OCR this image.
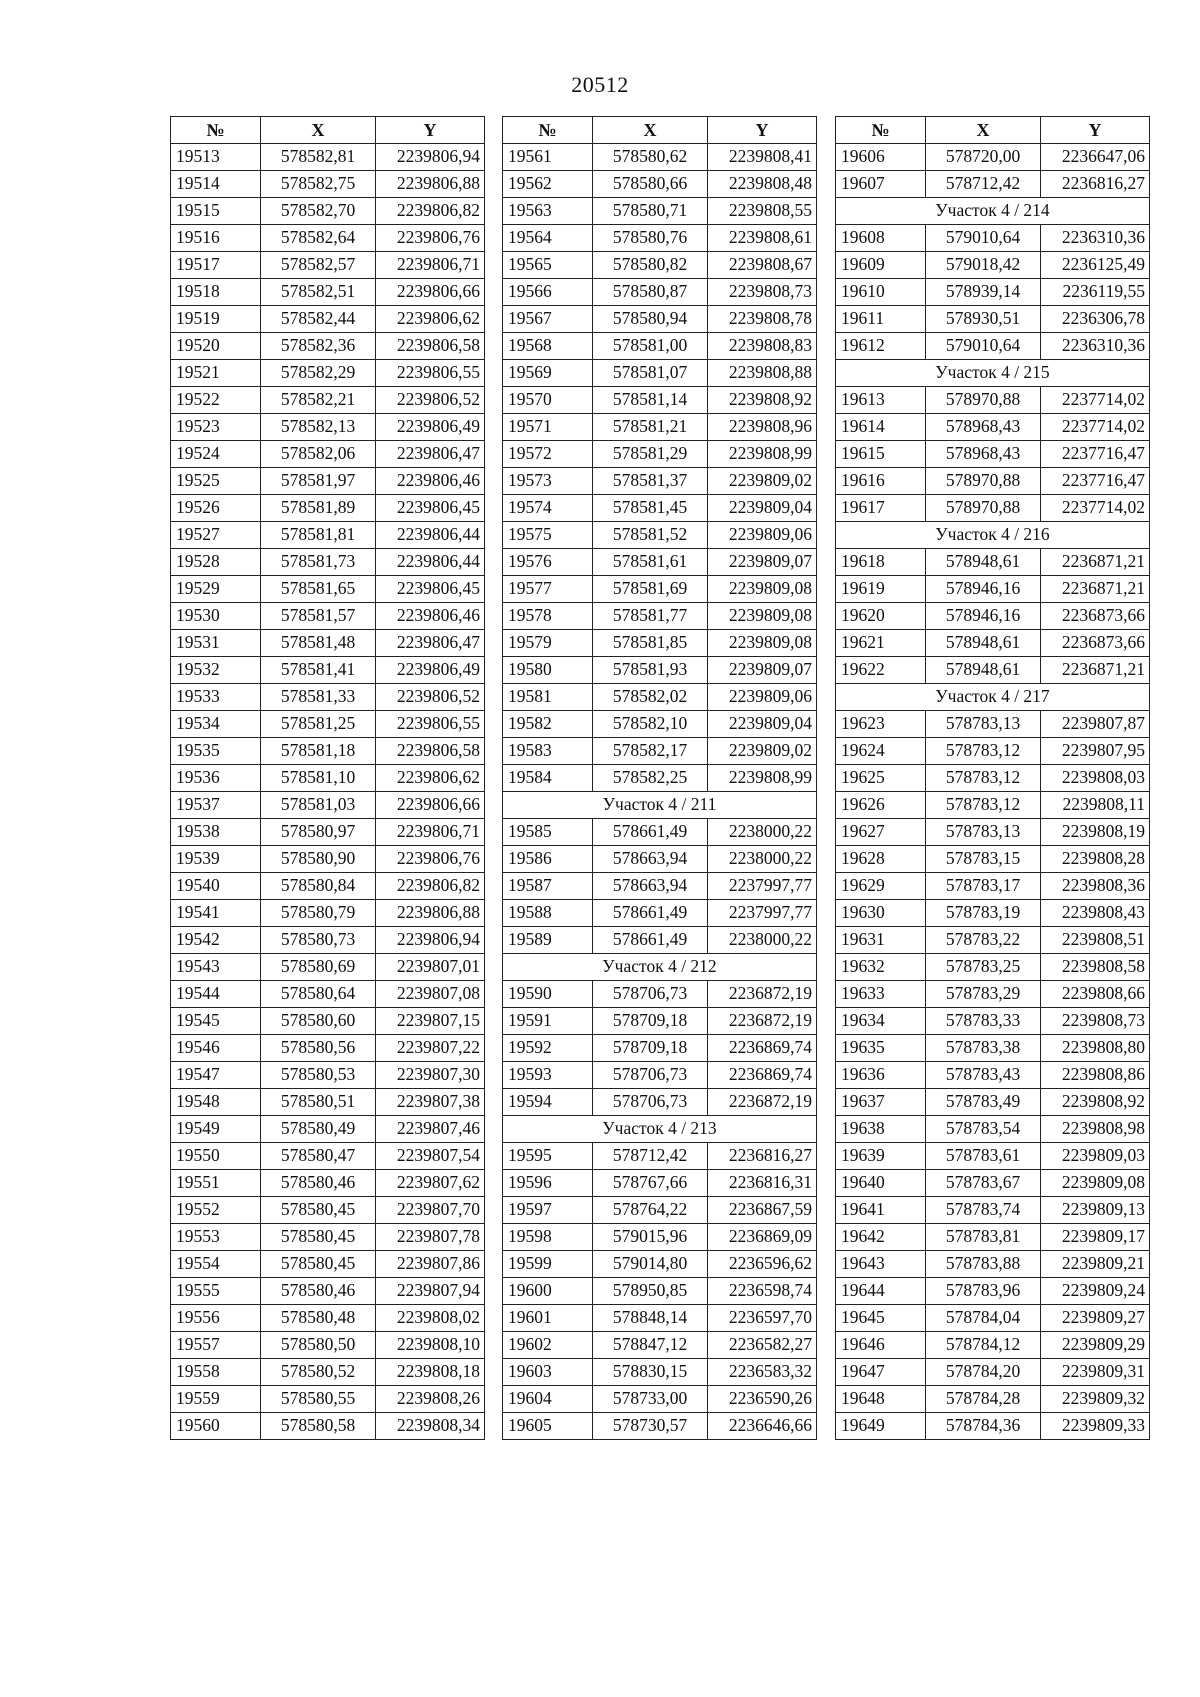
20512
№	X	Y
19513	578582,81	2239806,94
19514	578582,75	2239806,88
19515	578582,70	2239806,82
19516	578582,64	2239806,76
19517	578582,57	2239806,71
19518	578582,51	2239806,66
19519	578582,44	2239806,62
19520	578582,36	2239806,58
19521	578582,29	2239806,55
19522	578582,21	2239806,52
19523	578582,13	2239806,49
19524	578582,06	2239806,47
19525	578581,97	2239806,46
19526	578581,89	2239806,45
19527	578581,81	2239806,44
19528	578581,73	2239806,44
19529	578581,65	2239806,45
19530	578581,57	2239806,46
19531	578581,48	2239806,47
19532	578581,41	2239806,49
19533	578581,33	2239806,52
19534	578581,25	2239806,55
19535	578581,18	2239806,58
19536	578581,10	2239806,62
19537	578581,03	2239806,66
19538	578580,97	2239806,71
19539	578580,90	2239806,76
19540	578580,84	2239806,82
19541	578580,79	2239806,88
19542	578580,73	2239806,94
19543	578580,69	2239807,01
19544	578580,64	2239807,08
19545	578580,60	2239807,15
19546	578580,56	2239807,22
19547	578580,53	2239807,30
19548	578580,51	2239807,38
19549	578580,49	2239807,46
19550	578580,47	2239807,54
19551	578580,46	2239807,62
19552	578580,45	2239807,70
19553	578580,45	2239807,78
19554	578580,45	2239807,86
19555	578580,46	2239807,94
19556	578580,48	2239808,02
19557	578580,50	2239808,10
19558	578580,52	2239808,18
19559	578580,55	2239808,26
19560	578580,58	2239808,34
№	X	Y
19561	578580,62	2239808,41
19562	578580,66	2239808,48
19563	578580,71	2239808,55
19564	578580,76	2239808,61
19565	578580,82	2239808,67
19566	578580,87	2239808,73
19567	578580,94	2239808,78
19568	578581,00	2239808,83
19569	578581,07	2239808,88
19570	578581,14	2239808,92
19571	578581,21	2239808,96
19572	578581,29	2239808,99
19573	578581,37	2239809,02
19574	578581,45	2239809,04
19575	578581,52	2239809,06
19576	578581,61	2239809,07
19577	578581,69	2239809,08
19578	578581,77	2239809,08
19579	578581,85	2239809,08
19580	578581,93	2239809,07
19581	578582,02	2239809,06
19582	578582,10	2239809,04
19583	578582,17	2239809,02
19584	578582,25	2239808,99
Участок 4 / 211		
19585	578661,49	2238000,22
19586	578663,94	2238000,22
19587	578663,94	2237997,77
19588	578661,49	2237997,77
19589	578661,49	2238000,22
Участок 4 / 212		
19590	578706,73	2236872,19
19591	578709,18	2236872,19
19592	578709,18	2236869,74
19593	578706,73	2236869,74
19594	578706,73	2236872,19
Участок 4 / 213		
19595	578712,42	2236816,27
19596	578767,66	2236816,31
19597	578764,22	2236867,59
19598	579015,96	2236869,09
19599	579014,80	2236596,62
19600	578950,85	2236598,74
19601	578848,14	2236597,70
19602	578847,12	2236582,27
19603	578830,15	2236583,32
19604	578733,00	2236590,26
19605	578730,57	2236646,66
№	X	Y
19606	578720,00	2236647,06
19607	578712,42	2236816,27
Участок 4 / 214		
19608	579010,64	2236310,36
19609	579018,42	2236125,49
19610	578939,14	2236119,55
19611	578930,51	2236306,78
19612	579010,64	2236310,36
Участок 4 / 215		
19613	578970,88	2237714,02
19614	578968,43	2237714,02
19615	578968,43	2237716,47
19616	578970,88	2237716,47
19617	578970,88	2237714,02
Участок 4 / 216		
19618	578948,61	2236871,21
19619	578946,16	2236871,21
19620	578946,16	2236873,66
19621	578948,61	2236873,66
19622	578948,61	2236871,21
Участок 4 / 217		
19623	578783,13	2239807,87
19624	578783,12	2239807,95
19625	578783,12	2239808,03
19626	578783,12	2239808,11
19627	578783,13	2239808,19
19628	578783,15	2239808,28
19629	578783,17	2239808,36
19630	578783,19	2239808,43
19631	578783,22	2239808,51
19632	578783,25	2239808,58
19633	578783,29	2239808,66
19634	578783,33	2239808,73
19635	578783,38	2239808,80
19636	578783,43	2239808,86
19637	578783,49	2239808,92
19638	578783,54	2239808,98
19639	578783,61	2239809,03
19640	578783,67	2239809,08
19641	578783,74	2239809,13
19642	578783,81	2239809,17
19643	578783,88	2239809,21
19644	578783,96	2239809,24
19645	578784,04	2239809,27
19646	578784,12	2239809,29
19647	578784,20	2239809,31
19648	578784,28	2239809,32
19649	578784,36	2239809,33
